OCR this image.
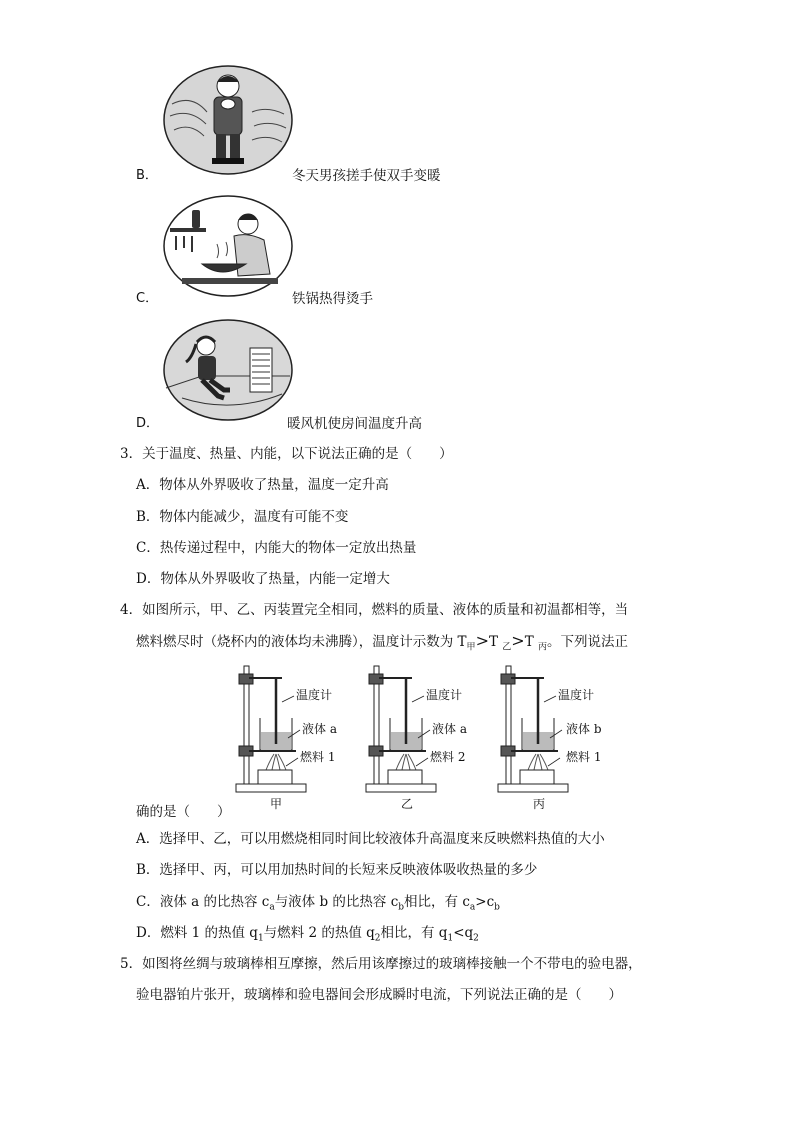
B．	冬天男孩搓手使双手变暖
C．	铁锅热得烫手
D．	暖风机使房间温度升高
3．关于温度、热量、内能，以下说法正确的是（　　）
A．物体从外界吸收了热量，温度一定升高
B．物体内能减少，温度有可能不变
C．热传递过程中，内能大的物体一定放出热量
D．物体从外界吸收了热量，内能一定增大
4．如图所示，甲、乙、丙装置完全相同，燃料的质量、液体的质量和初温都相等，当
燃料燃尽时（烧杯内的液体均未沸腾），温度计示数为 $T_甲>T$ $_乙$>T $_丙$。下列说法正
温度计
液体 a
燃料 1
甲
温度计
液体 a
燃料 2
乙
温度计
液体 b
燃料 1
丙
确的是（　　）
A．选择甲、乙，可以用燃烧相同时间比较液体升高温度来反映燃料热值的大小
B．选择甲、丙，可以用加热时间的长短来反映液体吸收热量的多少
C．液体 a 的比热容 $c_a$与液体 b 的比热容 $c_b$相比，有 $c_a>c_b$
D．燃料 1 的热值 $q_1$与燃料 2 的热值 $q_2$相比，有 $q_1<q_2$
5．如图将丝绸与玻璃棒相互摩擦，然后用该摩擦过的玻璃棒接触一个不带电的验电器，
验电器铂片张开，玻璃棒和验电器间会形成瞬时电流，下列说法正确的是（　　）
